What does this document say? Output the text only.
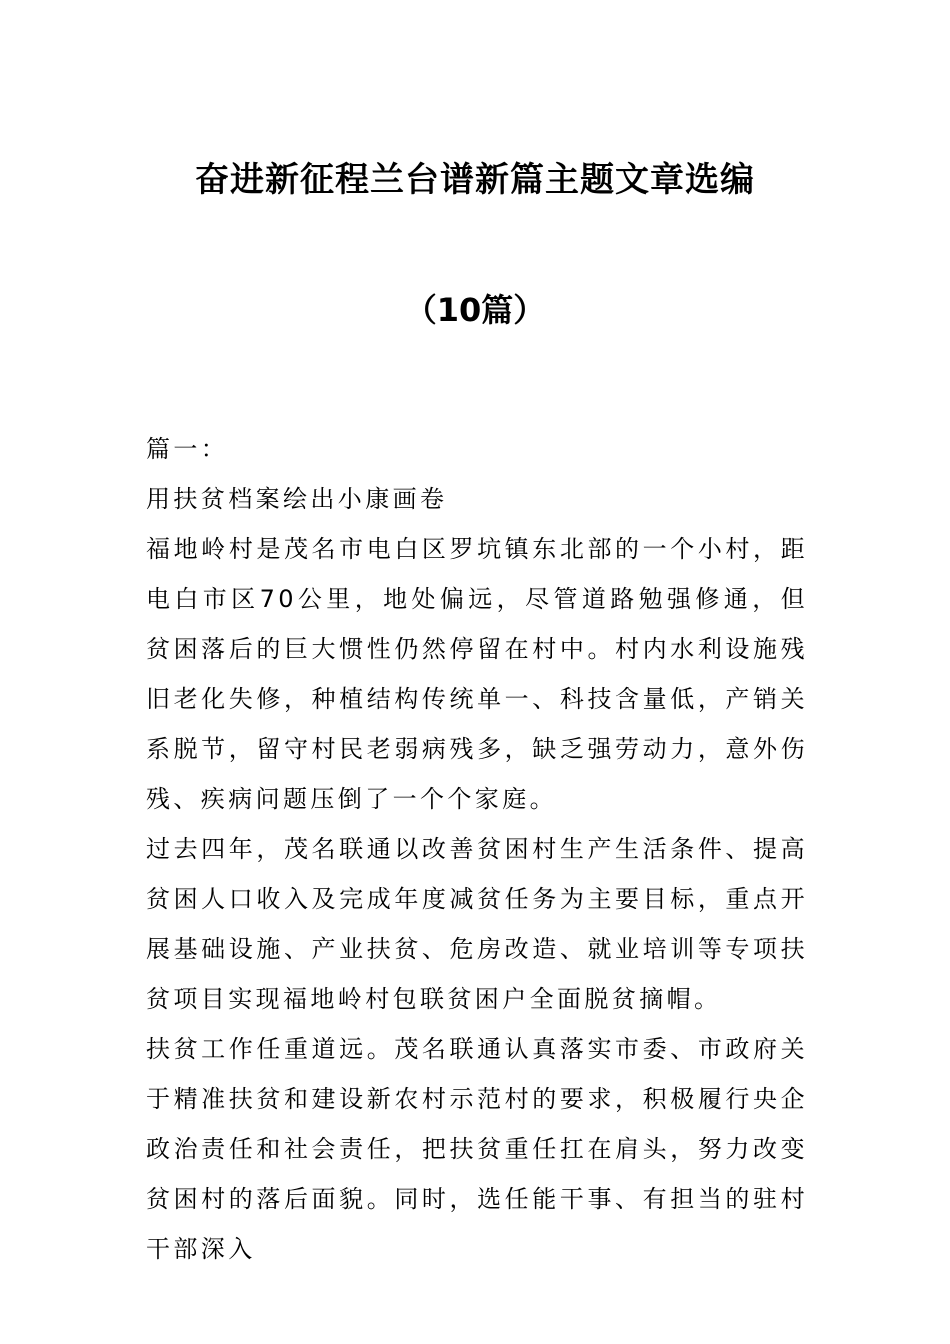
奋进新征程兰台谱新篇主题文章选编
（10篇）

篇一：

用扶贫档案绘出小康画卷

福地岭村是茂名市电白区罗坑镇东北部的一个小村，距电白市区70公里，地处偏远，尽管道路勉强修通，但贫困落后的巨大惯性仍然停留在村中。村内水利设施残旧老化失修，种植结构传统单一、科技含量低，产销关系脱节，留守村民老弱病残多，缺乏强劳动力，意外伤残、疾病问题压倒了一个个家庭。

过去四年，茂名联通以改善贫困村生产生活条件、提高贫困人口收入及完成年度减贫任务为主要目标，重点开展基础设施、产业扶贫、危房改造、就业培训等专项扶贫项目实现福地岭村包联贫困户全面脱贫摘帽。

扶贫工作任重道远。茂名联通认真落实市委、市政府关于精准扶贫和建设新农村示范村的要求，积极履行央企政治责任和社会责任，把扶贫重任扛在肩头，努力改变贫困村的落后面貌。同时，选任能干事、有担当的驻村干部深入
